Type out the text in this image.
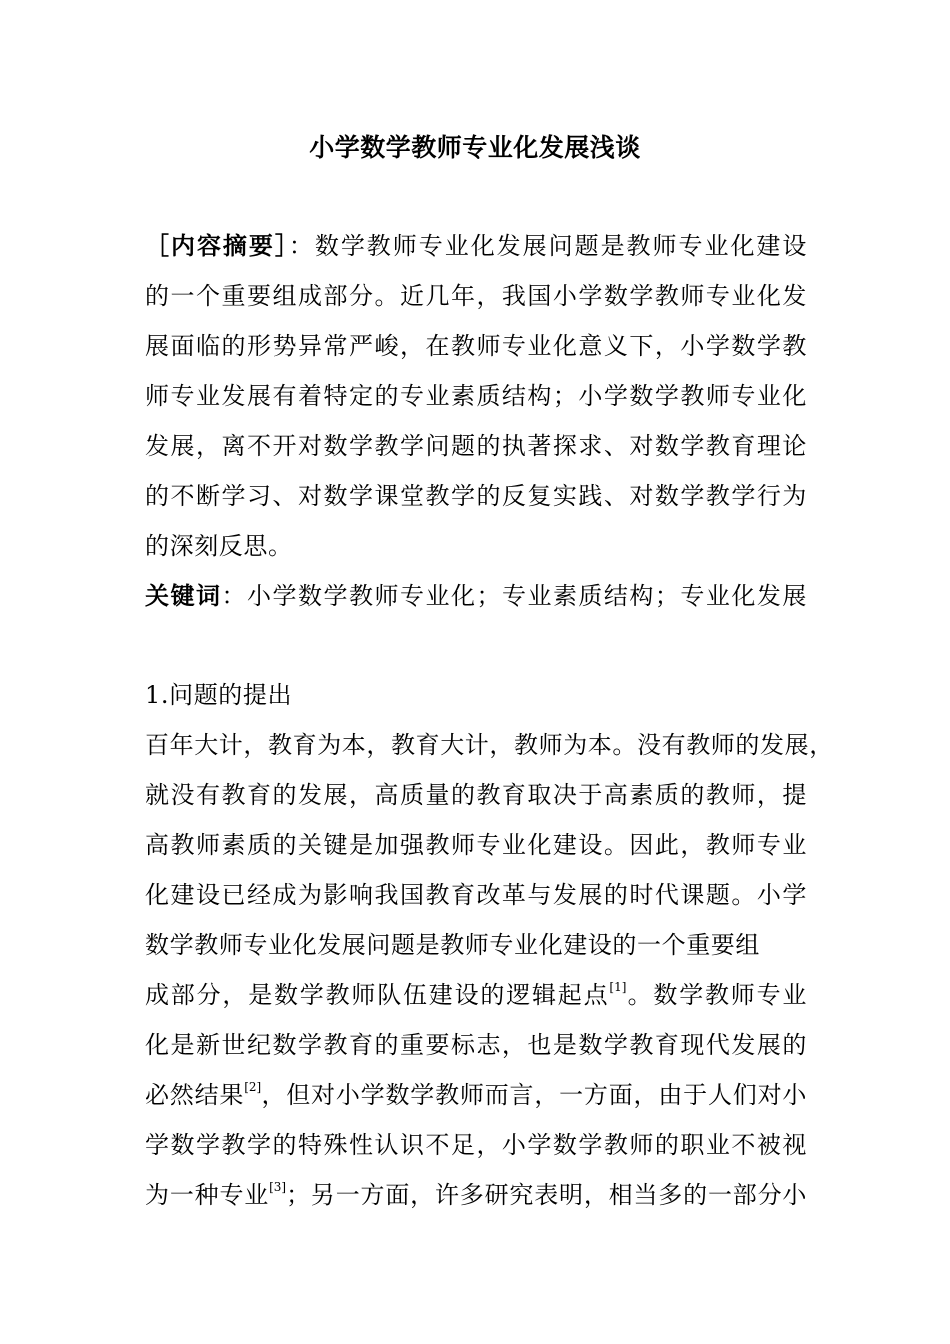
小学数学教师专业化发展浅谈
［内容摘要］：数学教师专业化发展问题是教师专业化建设
的一个重要组成部分。近几年，我国小学数学教师专业化发
展面临的形势异常严峻，在教师专业化意义下，小学数学教
师专业发展有着特定的专业素质结构；小学数学教师专业化
发展，离不开对数学教学问题的执著探求、对数学教育理论
的不断学习、对数学课堂教学的反复实践、对数学教学行为
的深刻反思。
关键词：小学数学教师专业化；专业素质结构；专业化发展
1.问题的提出
百年大计，教育为本，教育大计，教师为本。没有教师的发展，
就没有教育的发展，高质量的教育取决于高素质的教师，提
高教师素质的关键是加强教师专业化建设。因此，教师专业
化建设已经成为影响我国教育改革与发展的时代课题。小学
数学教师专业化发展问题是教师专业化建设的一个重要组
成部分，是数学教师队伍建设的逻辑起点[1]。数学教师专业
化是新世纪数学教育的重要标志，也是数学教育现代发展的
必然结果[2]，但对小学数学教师而言，一方面，由于人们对小
学数学教学的特殊性认识不足，小学数学教师的职业不被视
为一种专业[3]；另一方面，许多研究表明，相当多的一部分小
